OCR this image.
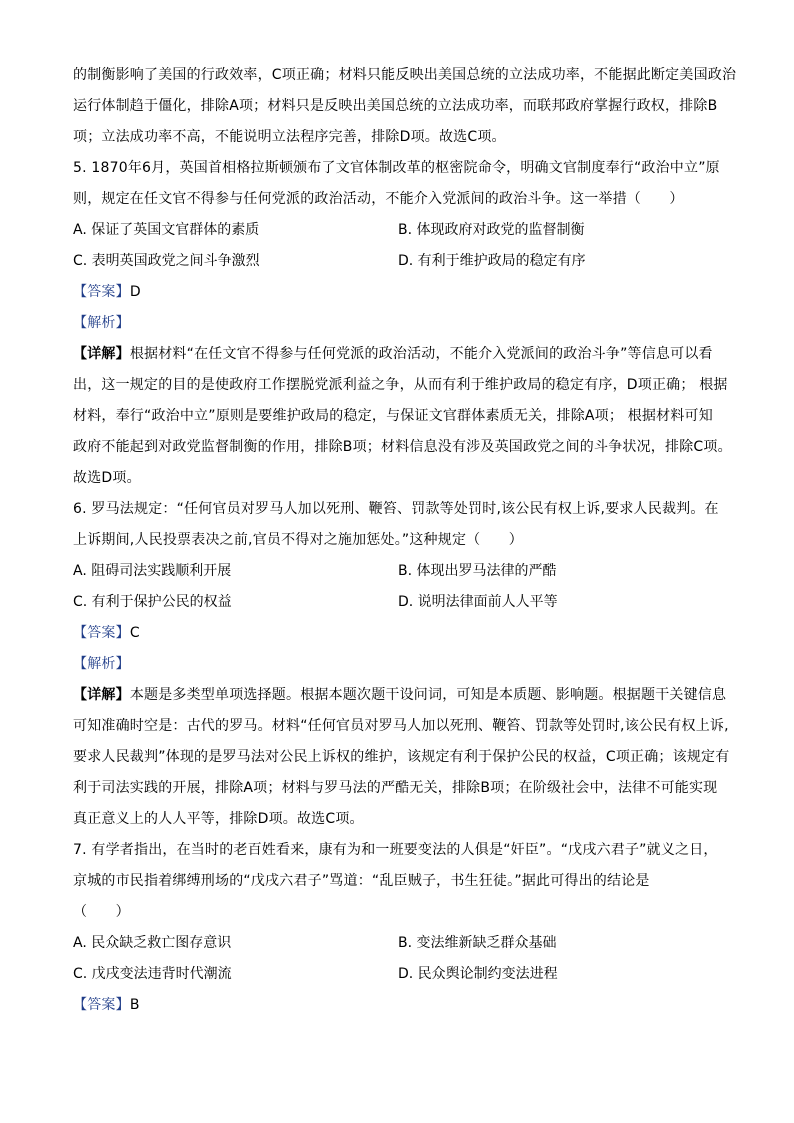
的制衡影响了美国的行政效率，C项正确；材料只能反映出美国总统的立法成功率，不能据此断定美国政治
运行体制趋于僵化，排除A项；材料只是反映出美国总统的立法成功率，而联邦政府掌握行政权，排除B
项；立法成功率不高，不能说明立法程序完善，排除D项。故选C项。
5. 1870年6月，英国首相格拉斯顿颁布了文官体制改革的枢密院命令，明确文官制度奉行“政治中立”原
则，规定在任文官不得参与任何党派的政治活动，不能介入党派间的政治斗争。这一举措（　　）
A. 保证了英国文官群体的素质	B. 体现政府对政党的监督制衡
C. 表明英国政党之间斗争激烈	D. 有利于维护政局的稳定有序
【答案】D
【解析】
【详解】根据材料“在任文官不得参与任何党派的政治活动，不能介入党派间的政治斗争”等信息可以看
出，这一规定的目的是使政府工作摆脱党派利益之争，从而有利于维护政局的稳定有序，D项正确； 根据
材料，奉行“政治中立”原则是要维护政局的稳定，与保证文官群体素质无关，排除A项； 根据材料可知
政府不能起到对政党监督制衡的作用，排除B项；材料信息没有涉及英国政党之间的斗争状况，排除C项。
故选D项。
6. 罗马法规定：“任何官员对罗马人加以死刑、鞭笞、罚款等处罚时,该公民有权上诉,要求人民裁判。在
上诉期间,人民投票表决之前,官员不得对之施加惩处。”这种规定（　　）
A. 阻碍司法实践顺利开展	B. 体现出罗马法律的严酷
C. 有利于保护公民的权益	D. 说明法律面前人人平等
【答案】C
【解析】
【详解】本题是多类型单项选择题。根据本题次题干设问词，可知是本质题、影响题。根据题干关键信息
可知准确时空是：古代的罗马。材料“任何官员对罗马人加以死刑、鞭笞、罚款等处罚时,该公民有权上诉,
要求人民裁判”体现的是罗马法对公民上诉权的维护，该规定有利于保护公民的权益，C项正确；该规定有
利于司法实践的开展，排除A项；材料与罗马法的严酷无关，排除B项；在阶级社会中，法律不可能实现
真正意义上的人人平等，排除D项。故选C项。
7. 有学者指出，在当时的老百姓看来，康有为和一班要变法的人俱是“奸臣”。“戊戌六君子”就义之日，
京城的市民指着绑缚刑场的“戊戌六君子”骂道：“乱臣贼子，书生狂徒。”据此可得出的结论是
（　　）
A. 民众缺乏救亡图存意识	B. 变法维新缺乏群众基础
C. 戊戌变法违背时代潮流	D. 民众舆论制约变法进程
【答案】B
